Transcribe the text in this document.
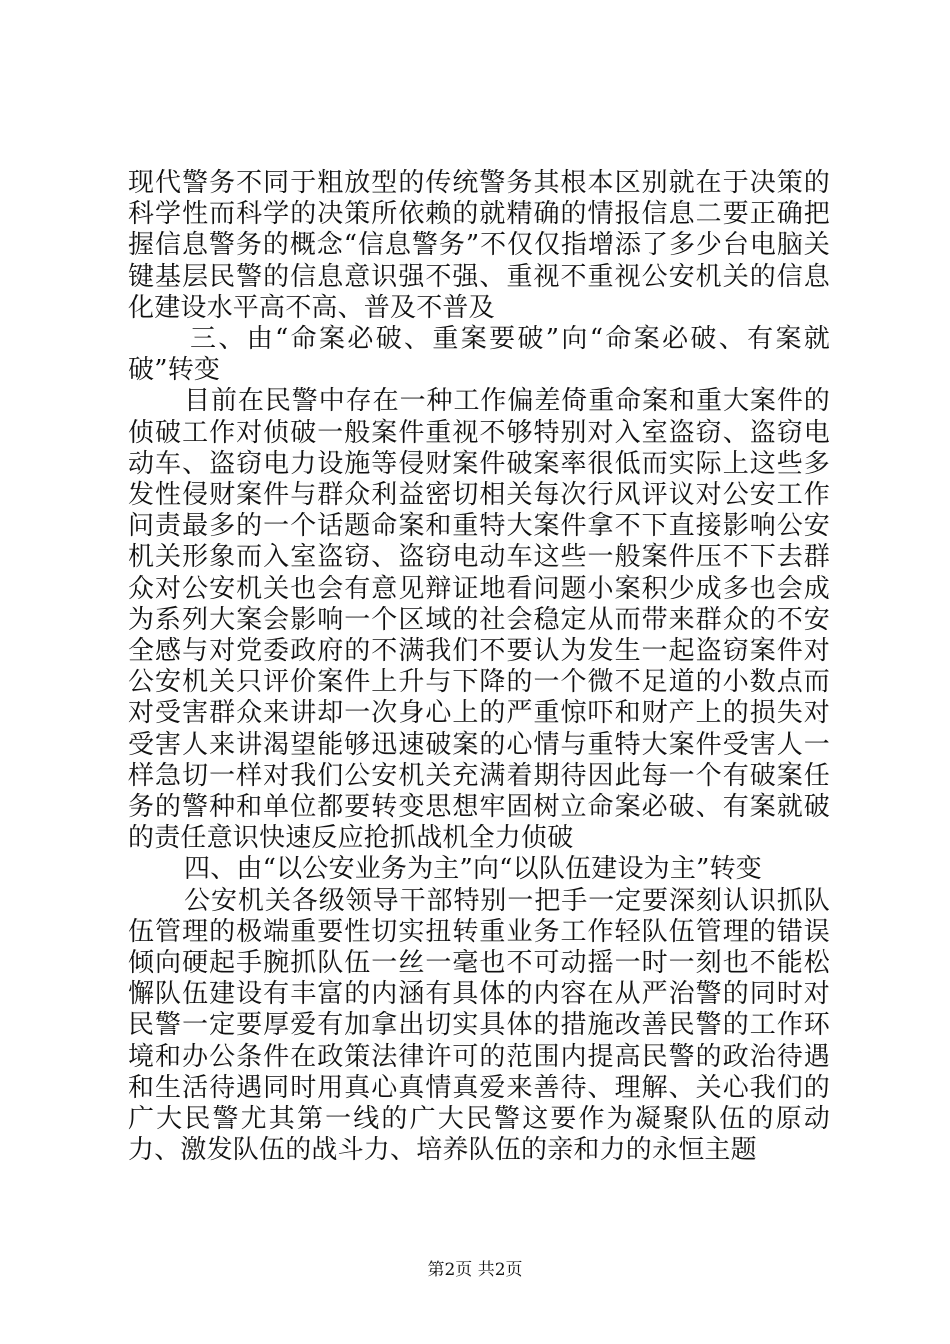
现代警务不同于粗放型的传统警务其根本区别就在于决策的科学性而科学的决策所依赖的就精确的情报信息二要正确把握信息警务的概念“信息警务”不仅仅指增添了多少台电脑关键基层民警的信息意识强不强、重视不重视公安机关的信息化建设水平高不高、普及不普及

三、由“命案必破、重案要破”向“命案必破、有案就破”转变

目前在民警中存在一种工作偏差倚重命案和重大案件的侦破工作对侦破一般案件重视不够特别对入室盗窃、盗窃电动车、盗窃电力设施等侵财案件破案率很低而实际上这些多发性侵财案件与群众利益密切相关每次行风评议对公安工作问责最多的一个话题命案和重特大案件拿不下直接影响公安机关形象而入室盗窃、盗窃电动车这些一般案件压不下去群众对公安机关也会有意见辩证地看问题小案积少成多也会成为系列大案会影响一个区域的社会稳定从而带来群众的不安全感与对党委政府的不满我们不要认为发生一起盗窃案件对公安机关只评价案件上升与下降的一个微不足道的小数点而对受害群众来讲却一次身心上的严重惊吓和财产上的损失对受害人来讲渴望能够迅速破案的心情与重特大案件受害人一样急切一样对我们公安机关充满着期待因此每一个有破案任务的警种和单位都要转变思想牢固树立命案必破、有案就破的责任意识快速反应抢抓战机全力侦破

四、由“以公安业务为主”向“以队伍建设为主”转变

公安机关各级领导干部特别一把手一定要深刻认识抓队伍管理的极端重要性切实扭转重业务工作轻队伍管理的错误倾向硬起手腕抓队伍一丝一毫也不可动摇一时一刻也不能松懈队伍建设有丰富的内涵有具体的内容在从严治警的同时对民警一定要厚爱有加拿出切实具体的措施改善民警的工作环境和办公条件在政策法律许可的范围内提高民警的政治待遇和生活待遇同时用真心真情真爱来善待、理解、关心我们的广大民警尤其第一线的广大民警这要作为凝聚队伍的原动力、激发队伍的战斗力、培养队伍的亲和力的永恒主题

第2页 共2页
